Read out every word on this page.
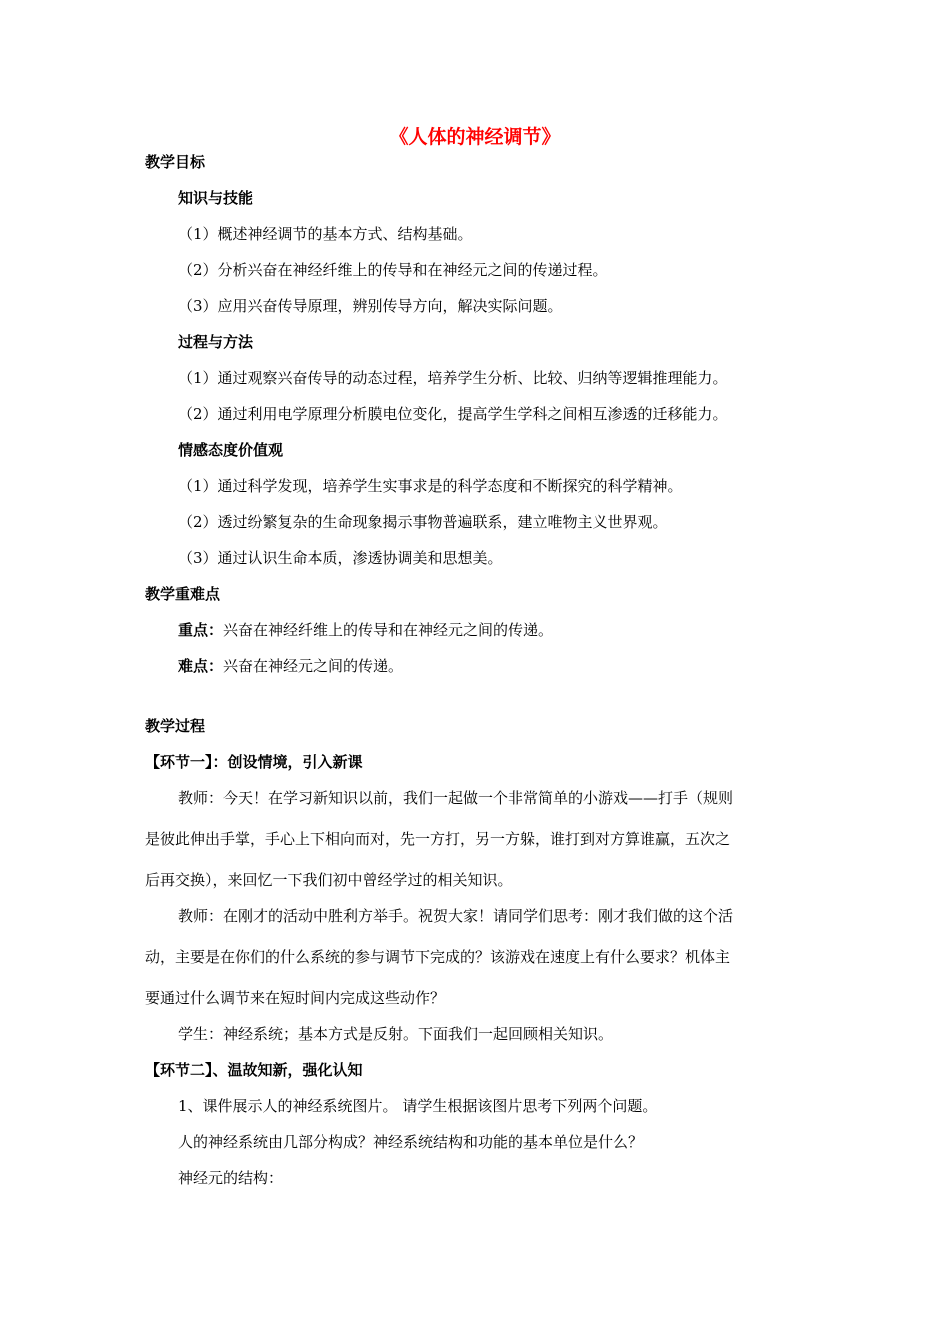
《人体的神经调节》
教学目标
知识与技能
（1）概述神经调节的基本方式、结构基础。
（2）分析兴奋在神经纤维上的传导和在神经元之间的传递过程。
（3）应用兴奋传导原理，辨别传导方向，解决实际问题。
过程与方法
（1）通过观察兴奋传导的动态过程，培养学生分析、比较、归纳等逻辑推理能力。
（2）通过利用电学原理分析膜电位变化，提高学生学科之间相互渗透的迁移能力。
情感态度价值观
（1）通过科学发现，培养学生实事求是的科学态度和不断探究的科学精神。
（2）透过纷繁复杂的生命现象揭示事物普遍联系，建立唯物主义世界观。
（3）通过认识生命本质，渗透协调美和思想美。
教学重难点
重点：兴奋在神经纤维上的传导和在神经元之间的传递。
难点：兴奋在神经元之间的传递。
教学过程
【环节一】：创设情境，引入新课
教师：今天！在学习新知识以前，我们一起做一个非常简单的小游戏——打手（规则
是彼此伸出手掌，手心上下相向而对，先一方打，另一方躲，谁打到对方算谁赢，五次之
后再交换），来回忆一下我们初中曾经学过的相关知识。
教师：在刚才的活动中胜利方举手。祝贺大家！请同学们思考：刚才我们做的这个活
动，主要是在你们的什么系统的参与调节下完成的？该游戏在速度上有什么要求？机体主
要通过什么调节来在短时间内完成这些动作？
学生：神经系统；基本方式是反射。下面我们一起回顾相关知识。
【环节二】、温故知新，强化认知
1、课件展示人的神经系统图片。 请学生根据该图片思考下列两个问题。
人的神经系统由几部分构成？神经系统结构和功能的基本单位是什么？
神经元的结构：
